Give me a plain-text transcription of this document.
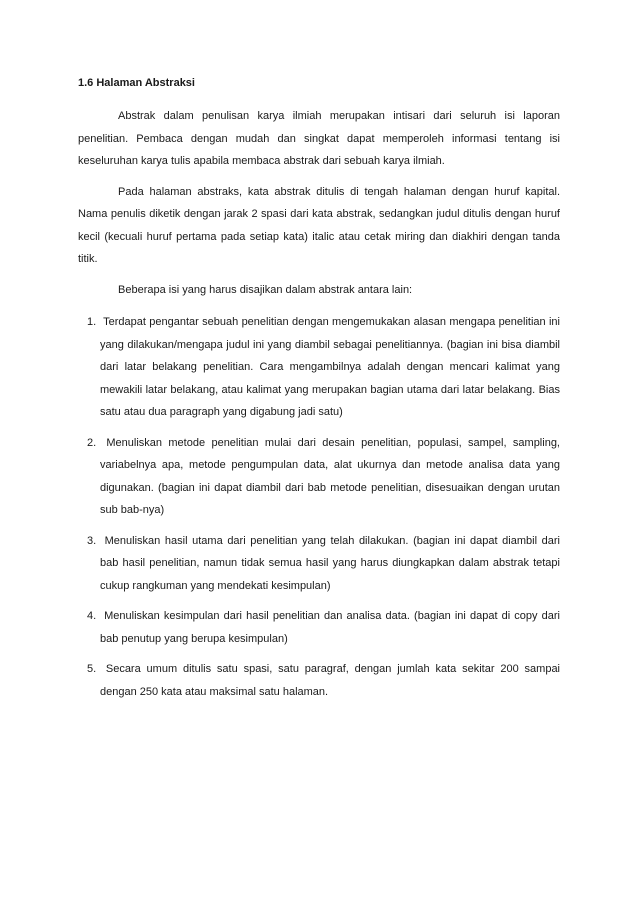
1.6 Halaman Abstraksi

Abstrak dalam penulisan karya ilmiah merupakan intisari dari seluruh isi laporan penelitian. Pembaca dengan mudah dan singkat dapat memperoleh informasi tentang isi keseluruhan karya tulis apabila membaca abstrak dari sebuah karya ilmiah.

Pada halaman abstraks, kata abstrak ditulis di tengah halaman dengan huruf kapital. Nama penulis diketik dengan jarak 2 spasi dari kata abstrak, sedangkan judul ditulis dengan huruf kecil (kecuali huruf pertama pada setiap kata) italic atau cetak miring dan diakhiri dengan tanda titik.

Beberapa isi yang harus disajikan dalam abstrak antara lain:

1. Terdapat pengantar sebuah penelitian dengan mengemukakan alasan mengapa penelitian ini yang dilakukan/mengapa judul ini yang diambil sebagai penelitiannya. (bagian ini bisa diambil dari latar belakang penelitian. Cara mengambilnya adalah dengan mencari kalimat yang mewakili latar belakang, atau kalimat yang merupakan bagian utama dari latar belakang. Bias satu atau dua paragraph yang digabung jadi satu)
2. Menuliskan metode penelitian mulai dari desain penelitian, populasi, sampel, sampling, variabelnya apa, metode pengumpulan data, alat ukurnya dan metode analisa data yang digunakan. (bagian ini dapat diambil dari bab metode penelitian, disesuaikan dengan urutan sub bab-nya)
3. Menuliskan hasil utama dari penelitian yang telah dilakukan. (bagian ini dapat diambil dari bab hasil penelitian, namun tidak semua hasil yang harus diungkapkan dalam abstrak tetapi cukup rangkuman yang mendekati kesimpulan)
4. Menuliskan kesimpulan dari hasil penelitian dan analisa data. (bagian ini dapat di copy dari bab penutup yang berupa kesimpulan)
5. Secara umum ditulis satu spasi, satu paragraf, dengan jumlah kata sekitar 200 sampai dengan 250 kata atau maksimal satu halaman.
